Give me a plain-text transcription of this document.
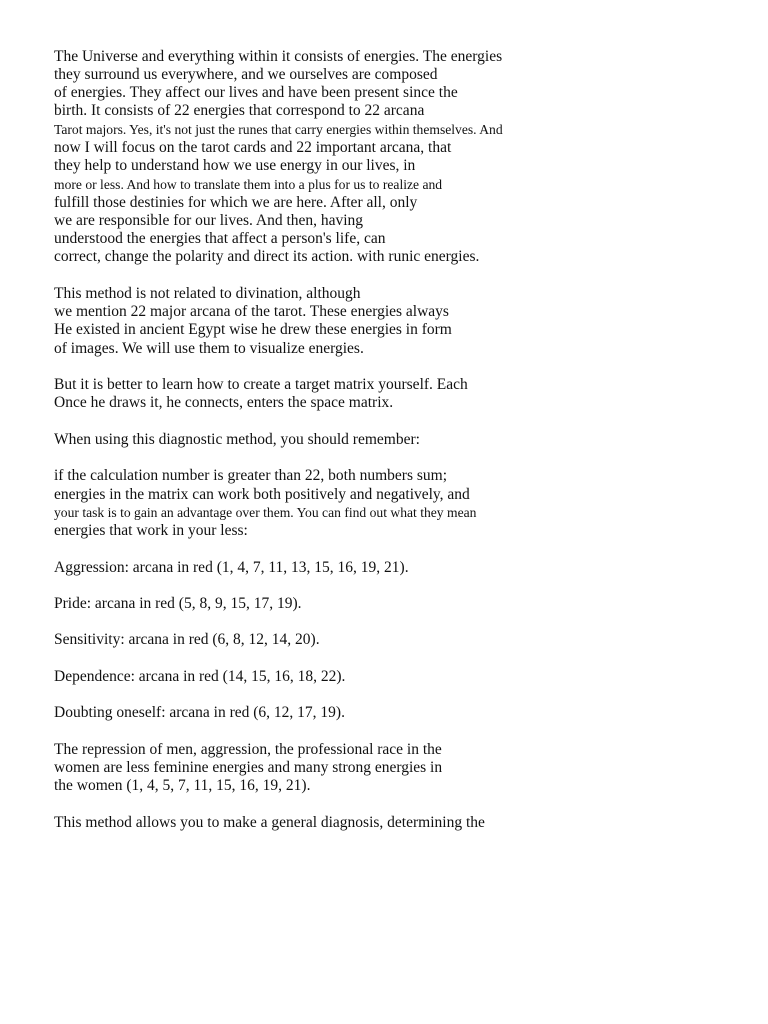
The Universe and everything within it consists of energies. The energies
they surround us everywhere, and we ourselves are composed
of energies. They affect our lives and have been present since the
birth. It consists of 22 energies that correspond to 22 arcana
Tarot majors. Yes, it's not just the runes that carry energies within themselves. And
now I will focus on the tarot cards and 22 important arcana, that
they help to understand how we use energy in our lives, in
more or less. And how to translate them into a plus for us to realize and
fulfill those destinies for which we are here. After all, only
we are responsible for our lives. And then, having
understood the energies that affect a person's life, can
correct, change the polarity and direct its action. with runic energies.
This method is not related to divination, although
we mention 22 major arcana of the tarot. These energies always
He existed in ancient Egypt wise he drew these energies in form
of images. We will use them to visualize energies.
But it is better to learn how to create a target matrix yourself. Each
Once he draws it, he connects, enters the space matrix.
When using this diagnostic method, you should remember:
if the calculation number is greater than 22, both numbers sum;
energies in the matrix can work both positively and negatively, and
your task is to gain an advantage over them. You can find out what they mean
energies that work in your less:
Aggression: arcana in red (1, 4, 7, 11, 13, 15, 16, 19, 21).
Pride: arcana in red (5, 8, 9, 15, 17, 19).
Sensitivity: arcana in red (6, 8, 12, 14, 20).
Dependence: arcana in red (14, 15, 16, 18, 22).
Doubting oneself: arcana in red (6, 12, 17, 19).
The repression of men, aggression, the professional race in the
women are less feminine energies and many strong energies in
the women (1, 4, 5, 7, 11, 15, 16, 19, 21).
This method allows you to make a general diagnosis, determining the
